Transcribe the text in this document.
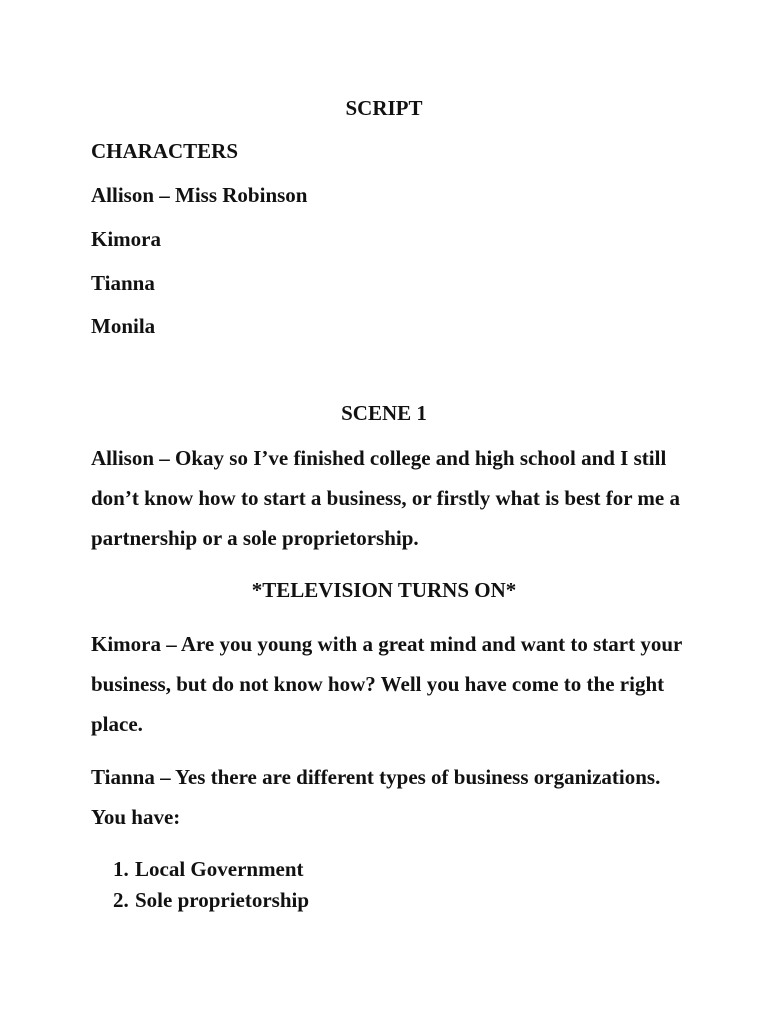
SCRIPT
CHARACTERS
Allison – Miss Robinson
Kimora
Tianna
Monila
SCENE 1
Allison – Okay so I’ve finished college and high school and I still don’t know how to start a business, or firstly what is best for me a partnership or a sole proprietorship.
*TELEVISION TURNS ON*
Kimora – Are you young with a great mind and want to start your business, but do not know how? Well you have come to the right place.
Tianna – Yes there are different types of business organizations. You have:
1. Local Government
2. Sole proprietorship
